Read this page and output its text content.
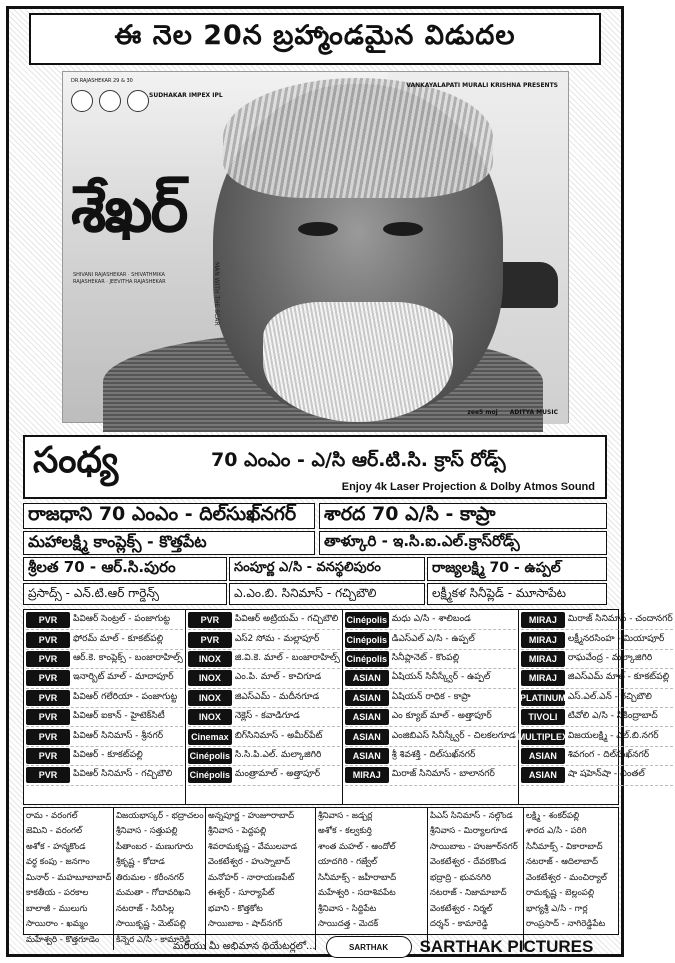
ఈ నెల 20న బ్రహ్మాండమైన విడుదల
DR.RAJASHEKAR 29 & 30
SUDHAKAR IMPEX IPL
VANKAYALAPATI MURALI KRISHNA PRESENTS
శేఖర్
MAN WITH THE SCAR
SHIVANI RAJASHEKAR · SHIVATHMIKA RAJASHEKAR · JEEVITHA RAJASHEKAR
zee5 moj ADITYA MUSIC
సంధ్య	70 ఎంఎం - ఎ/సి ఆర్.టి.సి. క్రాస్ రోడ్స్
Enjoy 4k Laser Projection & Dolby Atmos Sound
రాజధాని 70 ఎంఎం - దిల్‌సుఖ్‌నగర్	శారద 70 ఎ/సి - కాప్రా
మహాలక్ష్మి కాంప్లెక్స్ - కొత్తపేట	తాళ్కూరి - ఇ.సి.ఐ.ఎల్.క్రాస్‌రోడ్స్
శ్రీలత 70 - ఆర్.సి.పురం	సంపూర్ణ ఎ/సి - వనస్థలిపురం	రాజ్యలక్ష్మి 70 - ఉప్పల్
ప్రసాద్స్ - ఎన్.టి.ఆర్ గార్డెన్స్	ఎ.ఎం.బి. సినిమాస్ - గచ్చిబౌలి	లక్ష్మీకళ సినీప్లెడ్ - మూసాపేట
PVR	పివిఆర్ సెంట్రల్ - పంజాగుట్ట
PVR	ఫోరమ్ మాల్ - కూకట్‌పల్లి
PVR	ఆర్.కె. కాంప్లెక్స్ - బంజారాహిల్స్
PVR	ఇనార్బిట్ మాల్ - మాదాపూర్
PVR	పివిఆర్ గలేరియా - పంజాగుట్ట
PVR	పివిఆర్ ఐకాన్ - హైటెక్‌సిటీ
PVR	పివిఆర్ సినిమాస్ - శ్రీనగర్
PVR	పివిఆర్ - కూకట్‌పల్లి
PVR	పివిఆర్ సినిమాస్ - గచ్చిబౌలి
PVR	పివిఆర్ అట్రియమ్ - గచ్చిబౌలి
PVR	ఎస్2 సోమ - మల్లాపూర్
INOX	జి.వి.కె. మాల్ - బంజారాహిల్స్
INOX	ఎం.పి. మాల్ - కాచిగూడ
INOX	జిఎస్ఎమ్ - మదీనగూడ
INOX	నెక్లెస్ - కవాడిగూడ
Cinemax బిగ్‌సినిమాస్ - అమీర్‌పేట్
Cinépolis సి.సి.పి.ఎల్. మల్కాజిగిరి
Cinépolis మంత్రామాల్ - అత్తాపూర్
Cinépolis మధు ఎ/సి - శాలిబండ
Cinépolis డిఎస్‌ఎల్ ఎ/సి - ఉప్పల్
Cinépolis సినీప్లానెట్ - కొంపల్లి
ASIAN	ఏషియన్ సినీస్క్వేర్ - ఉప్పల్
ASIAN	ఏషియన్ రాధిక - కాప్రా
ASIAN	ఎం క్యూబ్ మాల్ - అత్తాపూర్
ASIAN	ఎంజిబిఎస్ సినీస్క్వేర్ - చిలకలగూడ
ASIAN	శ్రీ శివశక్తి - దిల్‌సుఖ్‌నగర్
MIRAJ	మిరాజ్ సినిమాస్ - బాలానగర్
MIRAJ	మిరాజ్ సినిమాస్ - చందానగర్
MIRAJ	లక్ష్మీనరసింహ - మియాపూర్
MIRAJ	రాఘవేంద్ర - మల్కాజిగిరి
MIRAJ	జిఎస్ఎమ్ మాల్ - కూకట్‌పల్లి
PLATINUM ఎస్.ఎల్.ఎన్ - గచ్చిబౌలి
TIVOLI	టివోలి ఎ/సి - సికింద్రాబాద్
MULTIPLEX విజయలక్ష్మి - ఎల్.బి.నగర్
ASIAN	శివగంగ - దిల్‌సుఖ్‌నగర్
ASIAN	షా షహెన్‌షా - చింతల్
రామ - వరంగల్
జెమిని - వరంగల్
అశోక - హన్మకొండ
వర్ధ కంపు - జనగాం
మినార్ - మహబూబాబాద్
కాకతీయ - పరకాల
బాలాజీ - ములుగు
సాయిరాం - ఖమ్మం
మహేశ్వరి - కొత్తగూడెం
విజయభాస్కర్ - భద్రాచలం
శ్రీనివాస - సత్తుపల్లి
పీతాంబర - మణుగూరు
శ్రీకృష్ణ - కోదాడ
తిరుమల - కరీంనగర్
మమతా - గోదావరిఖని
నటరాజ్ - సిరిసిల్ల
సాయికృష్ణ - మెట్‌పల్లి
కిన్నెర ఎ/సి - కామారెడ్డి
అన్నపూర్ణ - హుజూరాబాద్
శ్రీనివాస - పెద్దపల్లి
శివరామకృష్ణ - వేములవాడ
వెంకటేశ్వర - హుస్నాబాద్
మనోహర్ - నారాయణపేట్
ఈశ్వర్ - సూర్యాపేట్
భవాని - కొత్తకోట
సాయిబాబ - షాద్‌నగర్
శ్రీనివాస - జడ్చర్ల
అశోక - కల్వకుర్తి
శాంత మహల్ - ఆందోల్
యాదగిరి - గజ్వేల్
సినీమాక్స్ - జహీరాబాద్
మహేశ్వరి - సదాశివపేట
శ్రీనివాస - సిద్దిపేట
సాయిదత్త - మెదక్
పిఎస్ సినిమాస్ - నల్గొండ
శ్రీనివాస - మిర్యాలగూడ
సాయిబాబ - హుజూర్‌నగర్
వెంకటేశ్వర - దేవరకొండ
భద్రాద్రి - భువనగిరి
నటరాజ్ - నిజామాబాద్
వెంకటేశ్వర - నిర్మల్
దర్శన్ - కామారెడ్డి
లక్ష్మి - శంకర్‌పల్లి
శారద ఎ/సి - పరిగి
సినీమాక్స్ - వికారాబాద్
నటరాజ్ - ఆదిలాబాద్
వెంకటేశ్వర - మంచిర్యాల్
రామకృష్ణ - బెల్లంపల్లి
భాగ్యశ్రీ ఎ/సి - గార్ల
రాంప్రసాద్ - నాగిరెడ్డిపేట
మరియు మీ అభిమాన థియేటర్లలో...	SARTHAK	SARTHAK PICTURES
